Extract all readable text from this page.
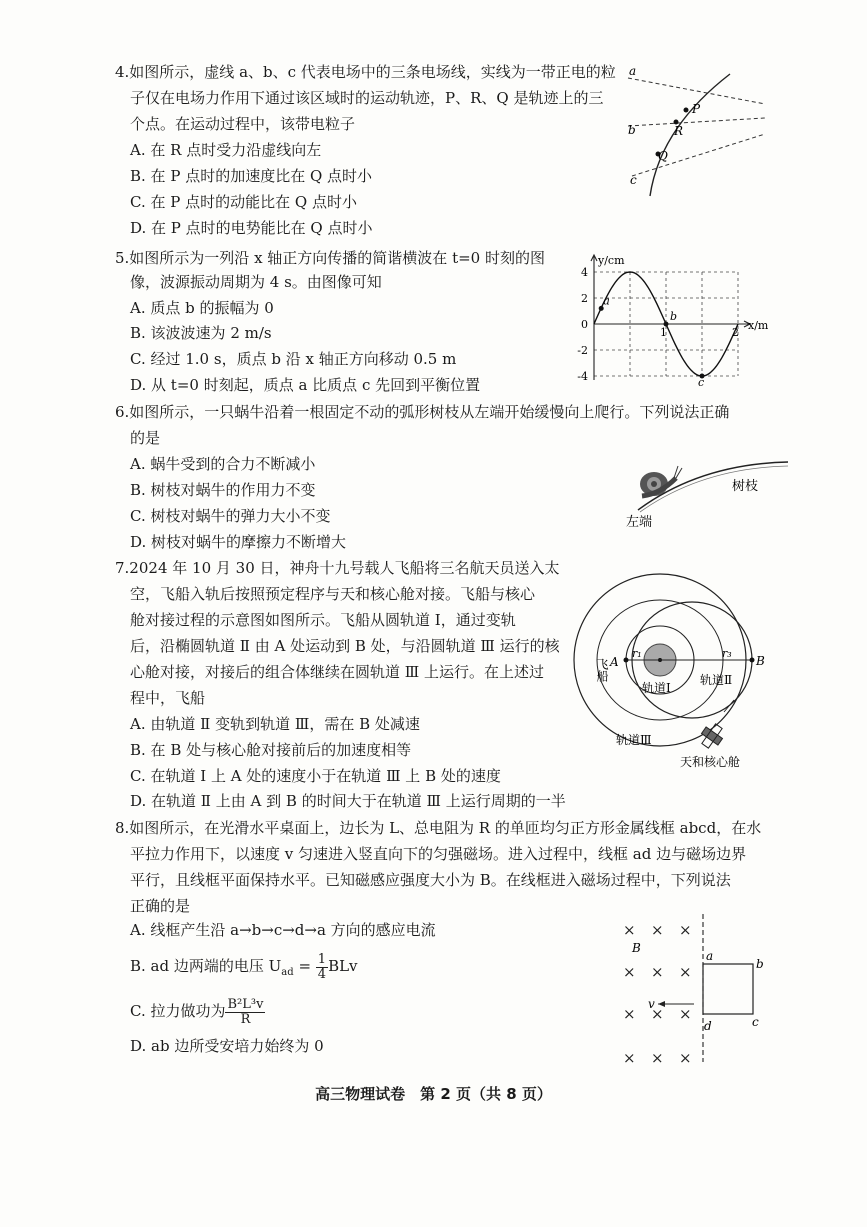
4.如图所示，虚线 a、b、c 代表电场中的三条电场线，实线为一带正电的粒
子仅在电场力作用下通过该区域时的运动轨迹，P、R、Q 是轨迹上的三
个点。在运动过程中，该带电粒子
A. 在 R 点时受力沿虚线向左
B. 在 P 点时的加速度比在 Q 点时小
C. 在 P 点时的动能比在 Q 点时小
D. 在 P 点时的电势能比在 Q 点时小
a
b
c
P
R
Q
5.如图所示为一列沿 x 轴正方向传播的简谐横波在 t=0 时刻的图
像，波源振动周期为 4 s。由图像可知
A. 质点 b 的振幅为 0
B. 该波波速为 2 m/s
C. 经过 1.0 s，质点 b 沿 x 轴正方向移动 0.5 m
D. 从 t=0 时刻起，质点 a 比质点 c 先回到平衡位置
4
2
0
-2
-4
1	2
a
b
c
y/cm
x/m
6.如图所示，一只蜗牛沿着一根固定不动的弧形树枝从左端开始缓慢向上爬行。下列说法正确
的是
A. 蜗牛受到的合力不断减小
B. 树枝对蜗牛的作用力不变
C. 树枝对蜗牛的弹力大小不变
D. 树枝对蜗牛的摩擦力不断增大
树枝
左端
7.2024 年 10 月 30 日，神舟十九号载人飞船将三名航天员送入太
空，飞船入轨后按照预定程序与天和核心舱对接。飞船与核心
舱对接过程的示意图如图所示。飞船从圆轨道 Ⅰ，通过变轨
后，沿椭圆轨道 Ⅱ 由 A 处运动到 B 处，与沿圆轨道 Ⅲ 运行的核
心舱对接，对接后的组合体继续在圆轨道 Ⅲ 上运行。在上述过
程中，飞船
A. 由轨道 Ⅱ 变轨到轨道 Ⅲ，需在 B 处减速
B. 在 B 处与核心舱对接前后的加速度相等
C. 在轨道 Ⅰ 上 A 处的速度小于在轨道 Ⅲ 上 B 处的速度
D. 在轨道 Ⅱ 上由 A 到 B 的时间大于在轨道 Ⅲ 上运行周期的一半
A	B
r₁	r₃
飞船
轨道Ⅰ
轨道Ⅱ
轨道Ⅲ
天和核心舱
8.如图所示，在光滑水平桌面上，边长为 L、总电阻为 R 的单匝均匀正方形金属线框 abcd，在水
平拉力作用下，以速度 v 匀速进入竖直向下的匀强磁场。进入过程中，线框 ad 边与磁场边界
平行，且线框平面保持水平。已知磁感应强度大小为 B。在线框进入磁场过程中，下列说法
正确的是
A. 线框产生沿 a→b→c→d→a 方向的感应电流
B. ad 边两端的电压 $U_{ad} = \frac{1}{4}$ BLv
C. 拉力做功为 $\frac{\text{B²L³v}}{R}$
D. ab 边所受安培力始终为 0
× × ×
× × ×
× × ×
× × ×
B
v
a
b
c
d
高三物理试卷　第 2 页（共 8 页）
